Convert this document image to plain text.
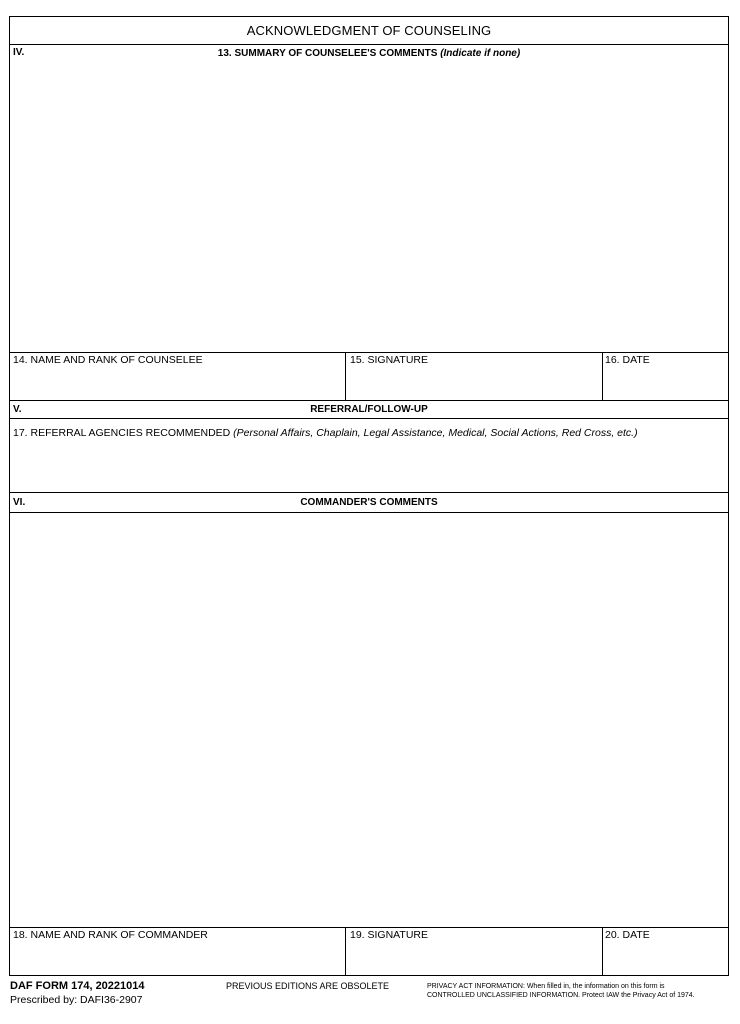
ACKNOWLEDGMENT OF COUNSELING
IV.	13. SUMMARY OF COUNSELEE'S COMMENTS (Indicate if none)
14. NAME AND RANK OF COUNSELEE	15. SIGNATURE	16. DATE
V.	REFERRAL/FOLLOW-UP
17. REFERRAL AGENCIES RECOMMENDED (Personal Affairs, Chaplain, Legal Assistance, Medical, Social Actions, Red Cross, etc.)
VI.	COMMANDER'S COMMENTS
18. NAME AND RANK OF COMMANDER	19. SIGNATURE	20. DATE
DAF FORM 174, 20221014
Prescribed by: DAFI36-2907
PREVIOUS EDITIONS ARE OBSOLETE	PRIVACY ACT INFORMATION: When filled in, the information on this form is
CONTROLLED UNCLASSIFIED INFORMATION. Protect IAW the Privacy Act of 1974.
